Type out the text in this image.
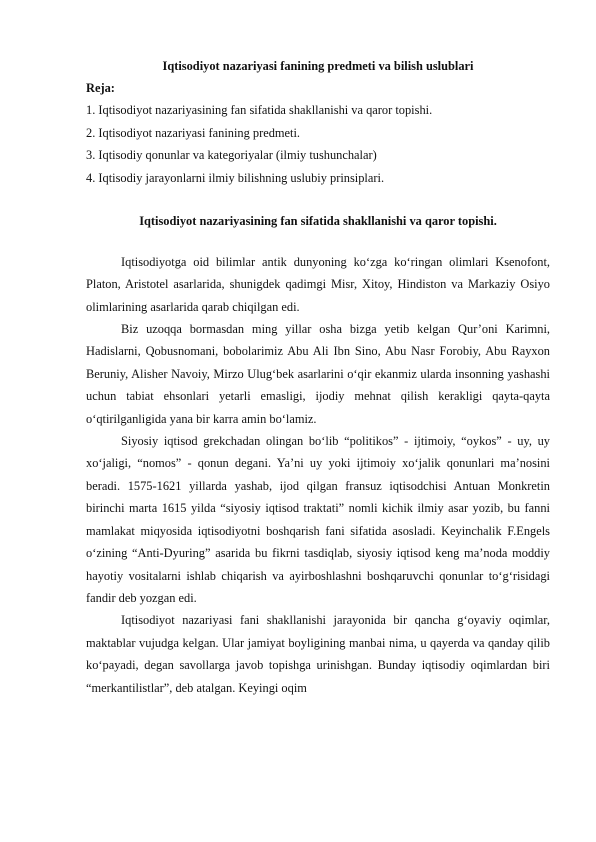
Iqtisodiyot nazariyasi fanining predmeti va bilish uslublari

Reja:

1. Iqtisodiyot nazariyasining fan sifatida shakllanishi va qaror topishi.

2. Iqtisodiyot nazariyasi fanining predmeti.

3. Iqtisodiy qonunlar va kategoriyalar (ilmiy tushunchalar)

4. Iqtisodiy jarayonlarni ilmiy bilishning uslubiy prinsiplari.

Iqtisodiyot nazariyasining fan sifatida shakllanishi va qaror topishi.

Iqtisodiyotga oid bilimlar antik dunyoning ko‘zga ko‘ringan olimlari Ksenofont, Platon, Aristotel asarlarida, shunigdek qadimgi Misr, Xitoy, Hindiston va Markaziy Osiyo olimlarining asarlarida qarab chiqilgan edi.

Biz uzoqqa bormasdan ming yillar osha bizga yetib kelgan Qur’oni Karimni, Hadislarni, Qobusnomani, bobolarimiz Abu Ali Ibn Sino, Abu Nasr Forobiy, Abu Rayxon Beruniy, Alisher Navoiy, Mirzo Ulug‘bek asarlarini o‘qir ekanmiz ularda insonning yashashi uchun tabiat ehsonlari yetarli emasligi, ijodiy mehnat qilish kerakligi qayta-qayta o‘qtirilganligida yana bir karra amin bo‘lamiz.

Siyosiy iqtisod grekchadan olingan bo‘lib “politikos” - ijtimoiy, “oykos” - uy, uy xo‘jaligi, “nomos” - qonun degani. Ya’ni uy yoki ijtimoiy xo‘jalik qonunlari ma’nosini beradi. 1575-1621 yillarda yashab, ijod qilgan fransuz iqtisodchisi Antuan Monkretin birinchi marta 1615 yilda “siyosiy iqtisod traktati” nomli kichik ilmiy asar yozib, bu fanni mamlakat miqyosida iqtisodiyotni boshqarish fani sifatida asosladi. Keyinchalik F.Engels o‘zining “Anti-Dyuring” asarida bu fikrni tasdiqlab, siyosiy iqtisod keng ma’noda moddiy hayotiy vositalarni ishlab chiqarish va ayirboshlashni boshqaruvchi qonunlar to‘g‘risidagi fandir deb yozgan edi.

Iqtisodiyot nazariyasi fani shakllanishi jarayonida bir qancha g‘oyaviy oqimlar, maktablar vujudga kelgan. Ular jamiyat boyligining manbai nima, u qayerda va qanday qilib ko‘payadi, degan savollarga javob topishga urinishgan. Bunday iqtisodiy oqimlardan biri “merkantilistlar”, deb atalgan. Keyingi oqim
